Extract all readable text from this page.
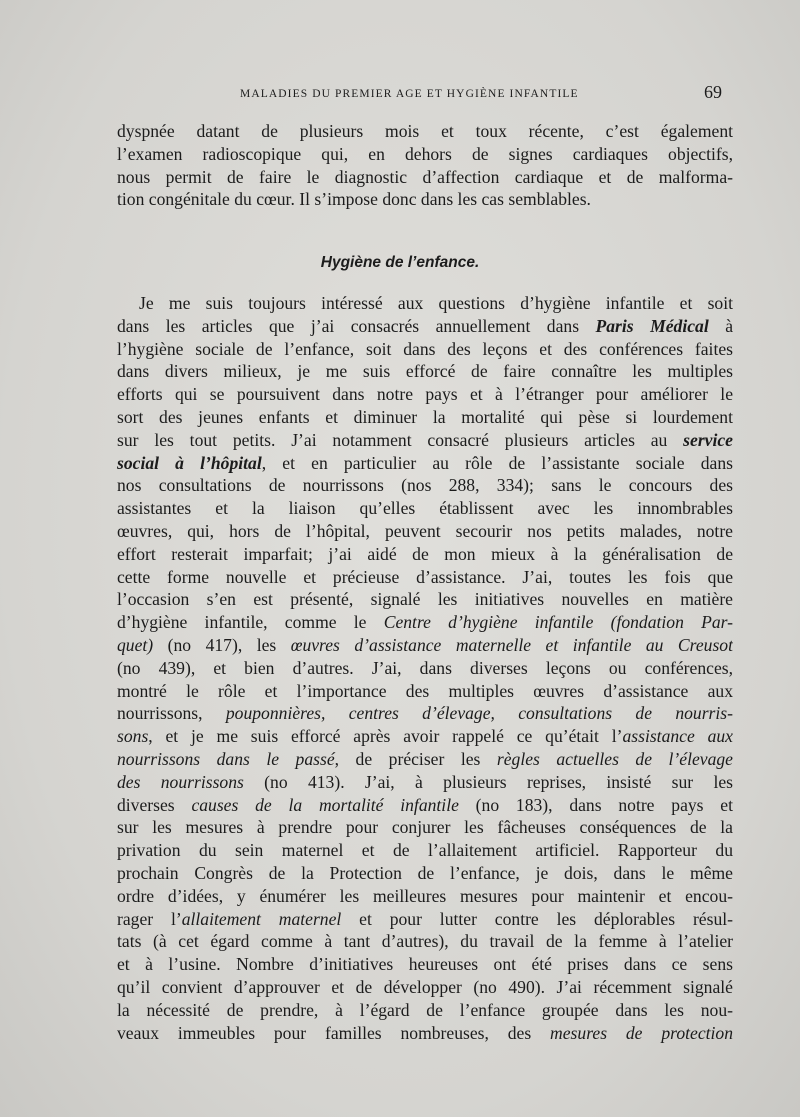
MALADIES DU PREMIER AGE ET HYGIÈNE INFANTILE	69
dyspnée datant de plusieurs mois et toux récente, c’est également
l’examen radioscopique qui, en dehors de signes cardiaques objectifs,
nous permit de faire le diagnostic d’affection cardiaque et de malforma-
tion congénitale du cœur. Il s’impose donc dans les cas semblables.
Hygiène de l’enfance.
Je me suis toujours intéressé aux questions d’hygiène infantile et soit
dans les articles que j’ai consacrés annuellement dans Paris Médical à
l’hygiène sociale de l’enfance, soit dans des leçons et des conférences faites
dans divers milieux, je me suis efforcé de faire connaître les multiples
efforts qui se poursuivent dans notre pays et à l’étranger pour améliorer le
sort des jeunes enfants et diminuer la mortalité qui pèse si lourdement
sur les tout petits. J’ai notamment consacré plusieurs articles au service
social à l’hôpital, et en particulier au rôle de l’assistante sociale dans
nos consultations de nourrissons (nos 288, 334); sans le concours des
assistantes et la liaison qu’elles établissent avec les innombrables
œuvres, qui, hors de l’hôpital, peuvent secourir nos petits malades, notre
effort resterait imparfait; j’ai aidé de mon mieux à la généralisation de
cette forme nouvelle et précieuse d’assistance. J’ai, toutes les fois que
l’occasion s’en est présenté, signalé les initiatives nouvelles en matière
d’hygiène infantile, comme le Centre d’hygiène infantile (fondation Par-
quet) (no 417), les œuvres d’assistance maternelle et infantile au Creusot
(no 439), et bien d’autres. J’ai, dans diverses leçons ou conférences,
montré le rôle et l’importance des multiples œuvres d’assistance aux
nourrissons, pouponnières, centres d’élevage, consultations de nourris-
sons, et je me suis efforcé après avoir rappelé ce qu’était l’assistance aux
nourrissons dans le passé, de préciser les règles actuelles de l’élevage
des nourrissons (no 413). J’ai, à plusieurs reprises, insisté sur les
diverses causes de la mortalité infantile (no 183), dans notre pays et
sur les mesures à prendre pour conjurer les fâcheuses conséquences de la
privation du sein maternel et de l’allaitement artificiel. Rapporteur du
prochain Congrès de la Protection de l’enfance, je dois, dans le même
ordre d’idées, y énumérer les meilleures mesures pour maintenir et encou-
rager l’allaitement maternel et pour lutter contre les déplorables résul-
tats (à cet égard comme à tant d’autres), du travail de la femme à l’atelier
et à l’usine. Nombre d’initiatives heureuses ont été prises dans ce sens
qu’il convient d’approuver et de développer (no 490). J’ai récemment signalé
la nécessité de prendre, à l’égard de l’enfance groupée dans les nou-
veaux immeubles pour familles nombreuses, des mesures de protection
